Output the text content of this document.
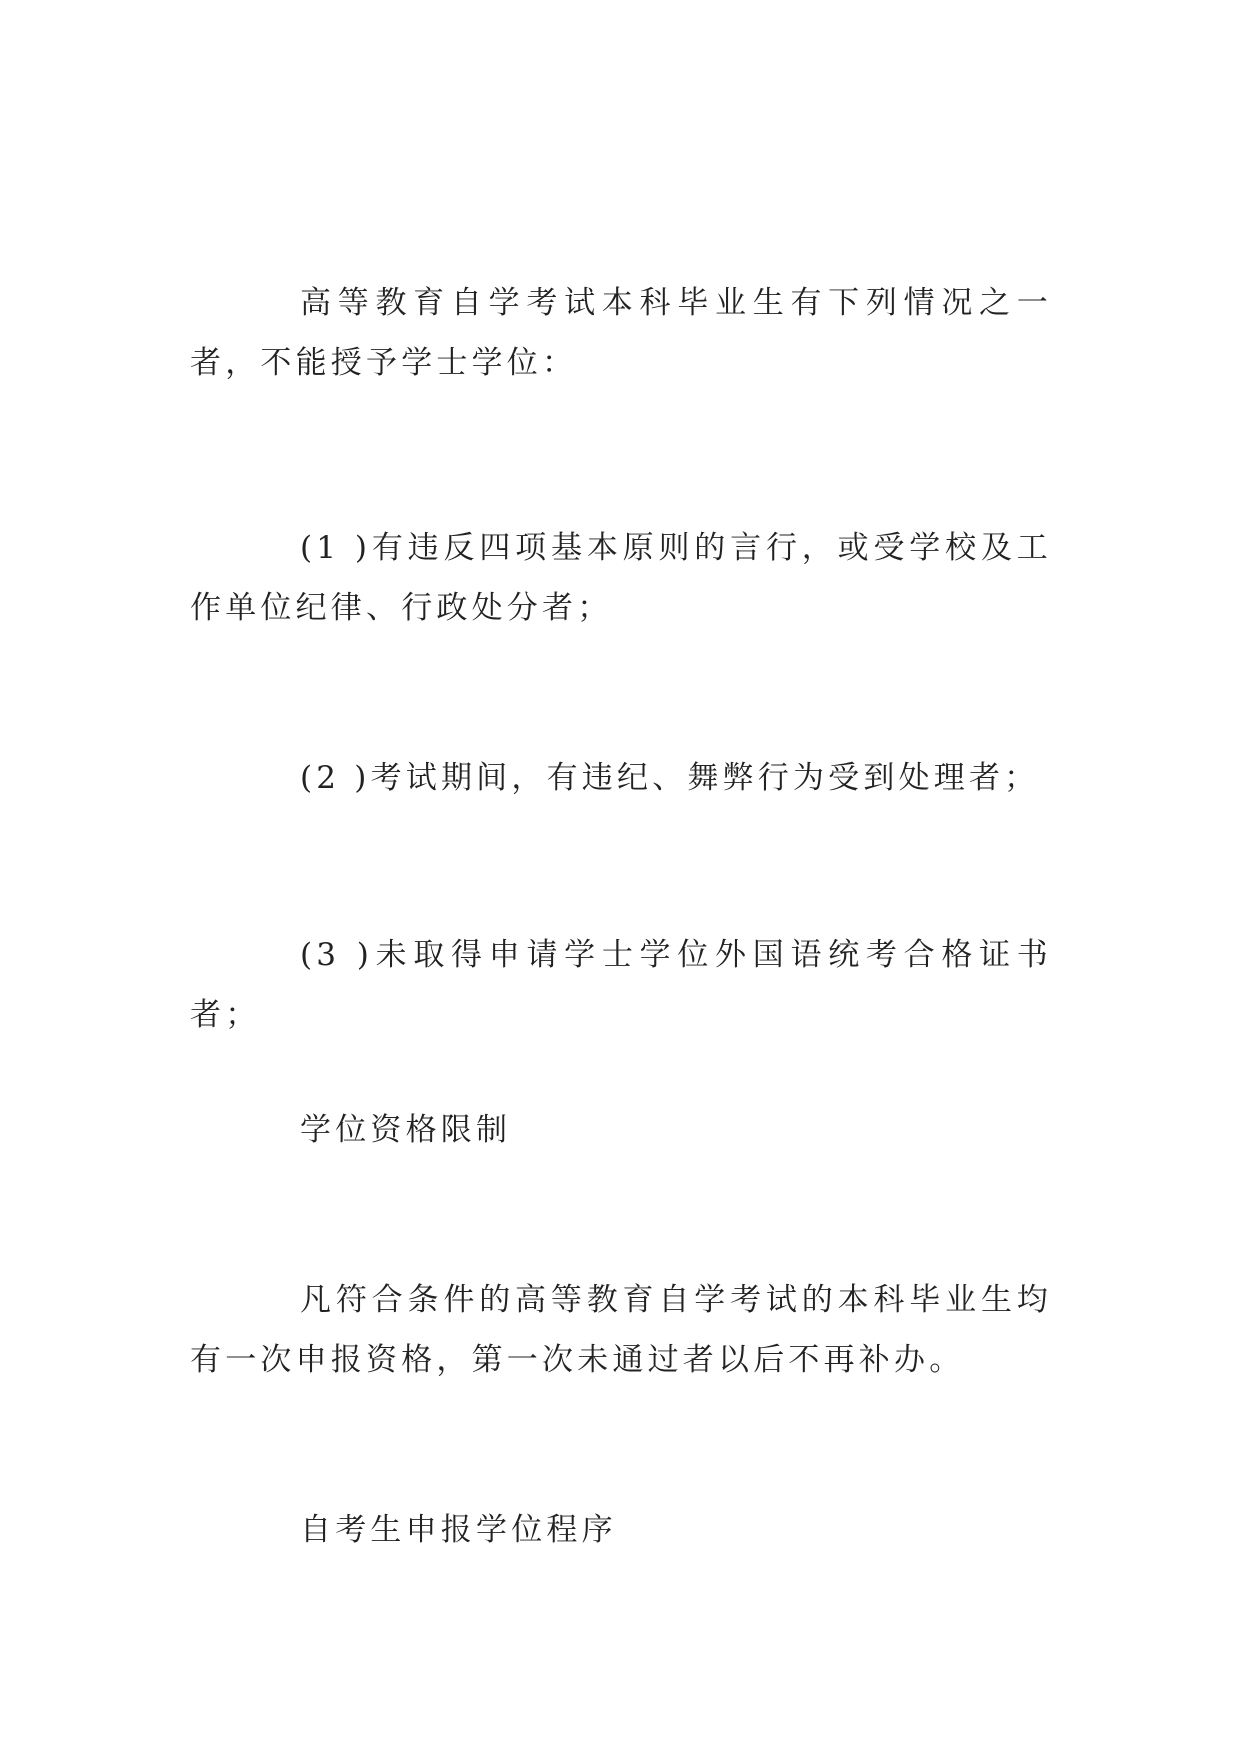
高等教育自学考试本科毕业生有下列情况之一者，不能授予学士学位：

(1 )有违反四项基本原则的言行，或受学校及工作单位纪律、行政处分者；

(2 )考试期间，有违纪、舞弊行为受到处理者；

(3 )未取得申请学士学位外国语统考合格证书者；

学位资格限制

凡符合条件的高等教育自学考试的本科毕业生均有一次申报资格，第一次未通过者以后不再补办。

自考生申报学位程序
